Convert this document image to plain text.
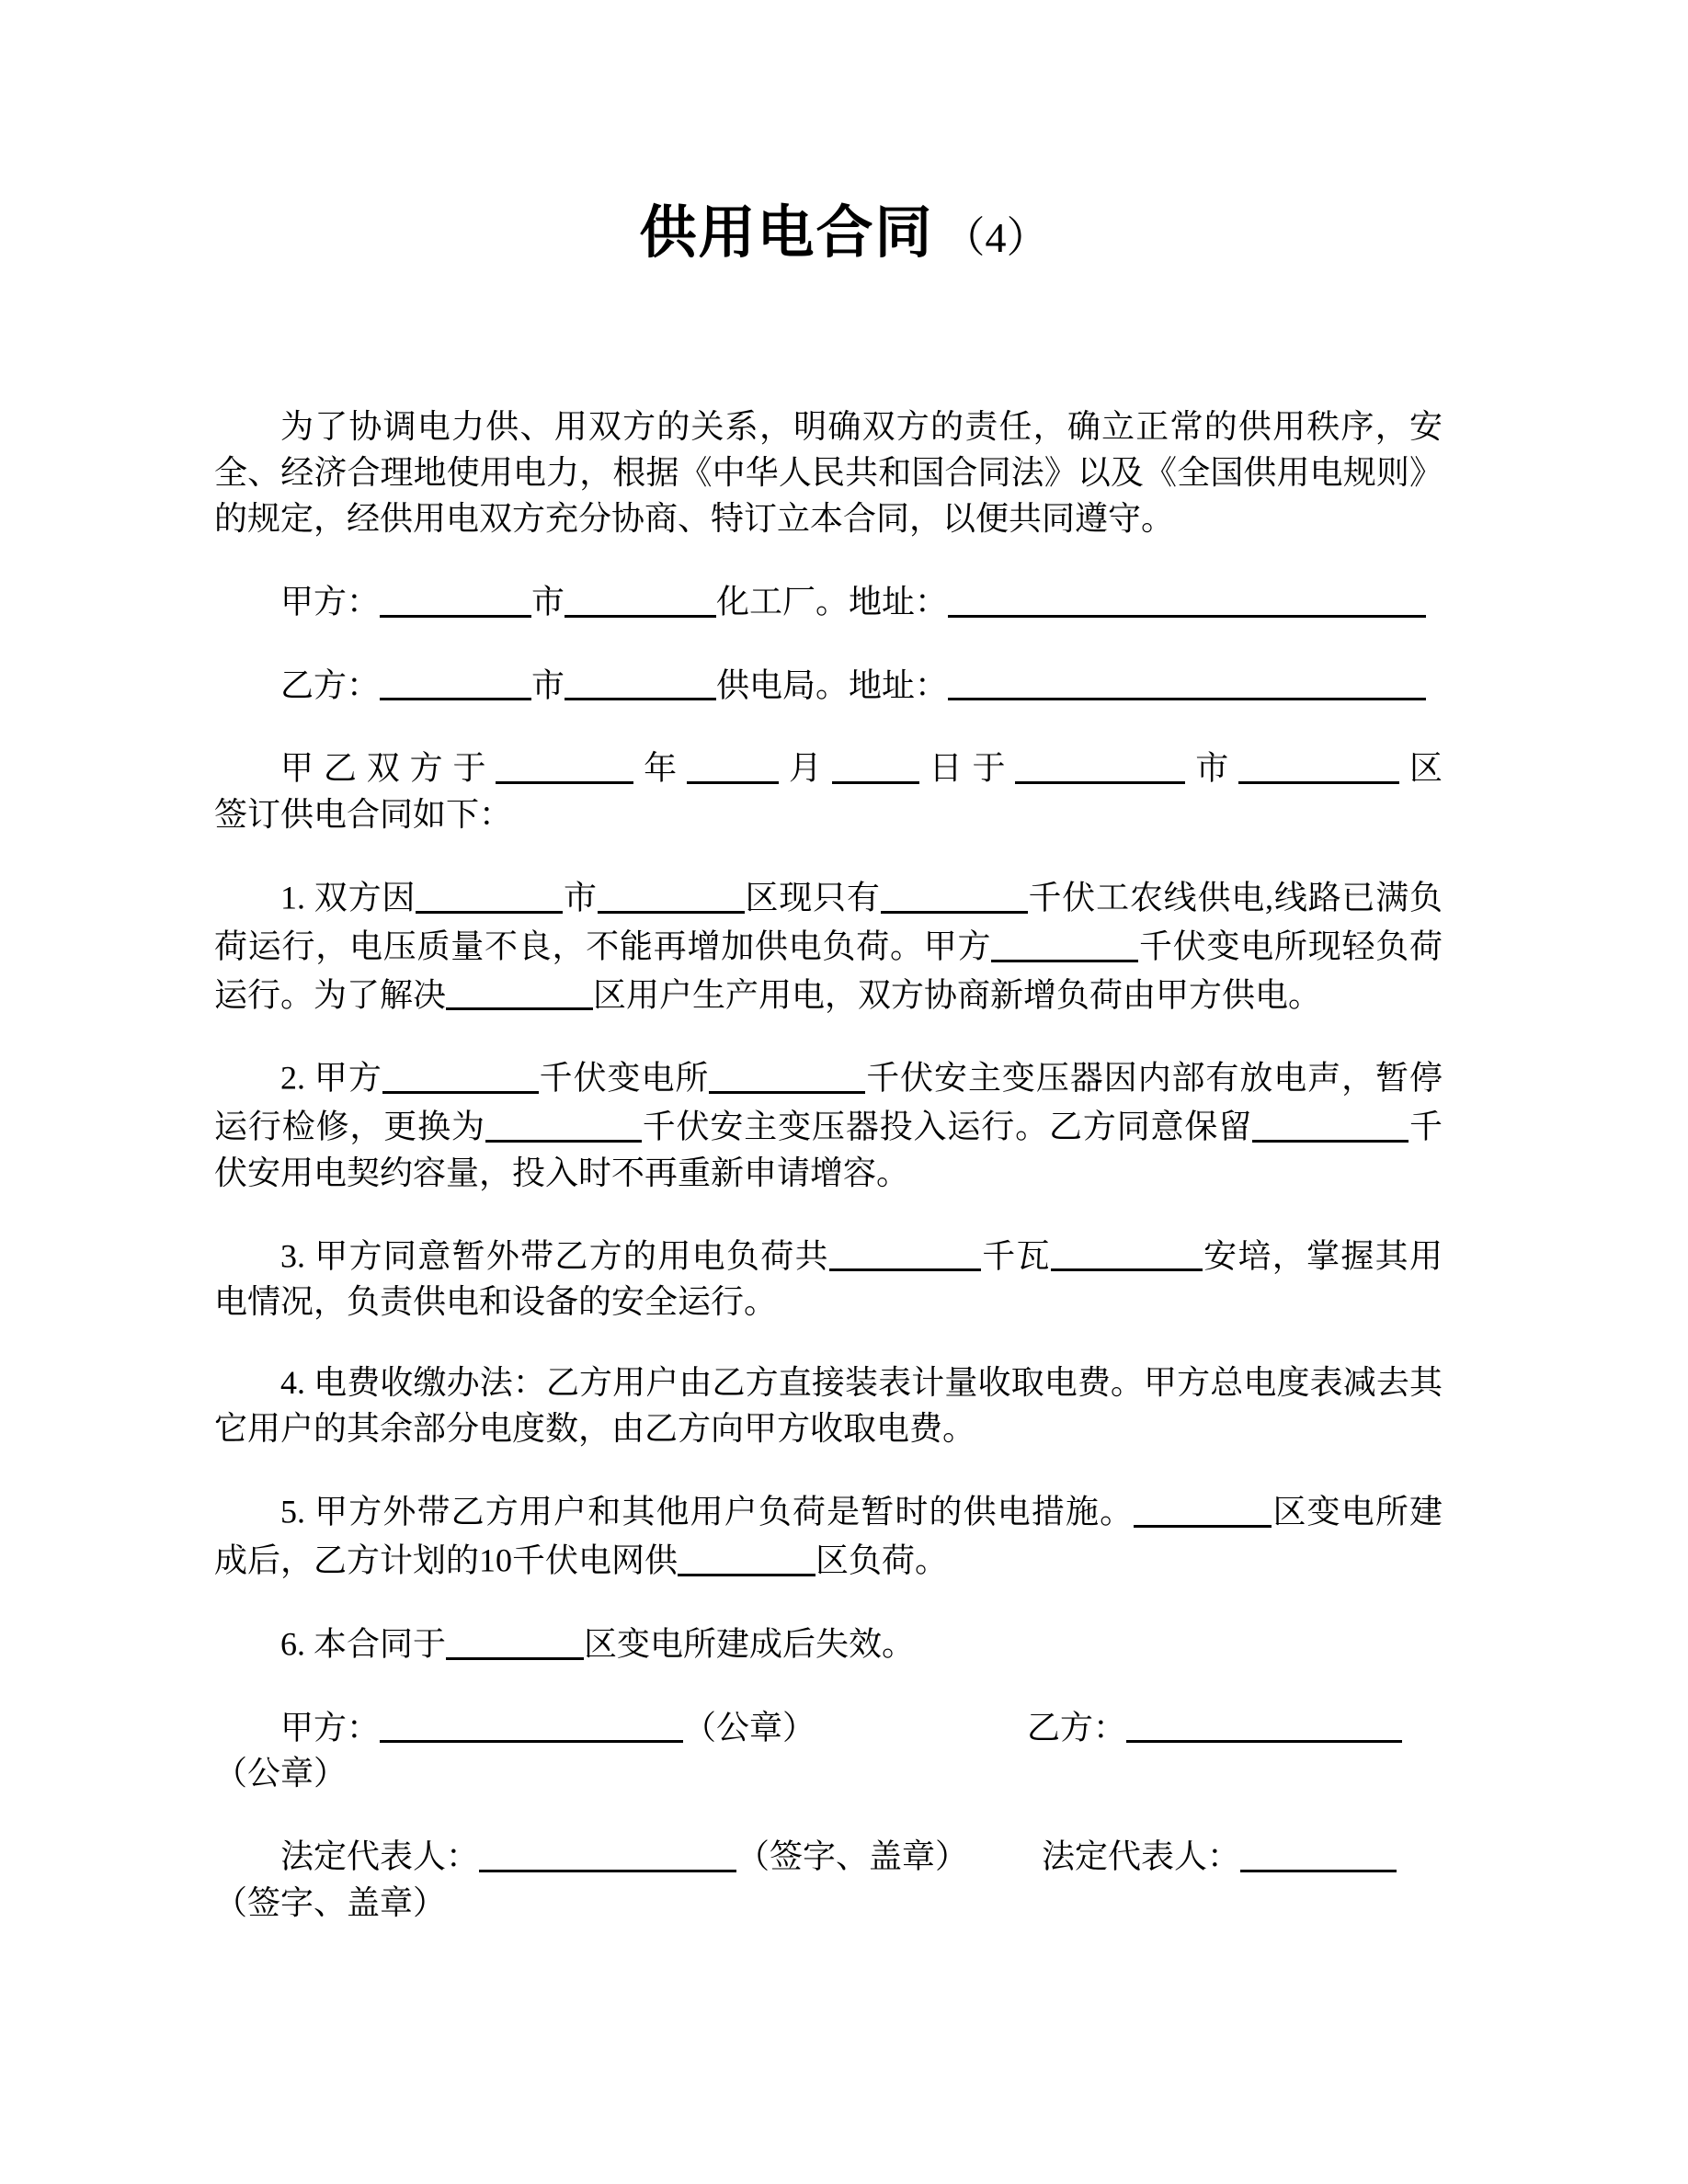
供用电合同 （4）

为了协调电力供、用双方的关系，明确双方的责任，确立正常的供用秩序，安全、经济合理地使用电力，根据《中华人民共和国合同法》以及《全国供用电规则》的规定，经供用电双方充分协商、特订立本合同，以便共同遵守。

甲方：	市	化工厂。地址：

乙方：	市	供电局。地址：

甲乙双方于	年	月	日于	市	区

签订供电合同如下：

1. 双方因	市	区现只有	千伏工农线供电,线路已满负荷运行，电压质量不良，不能再增加供电负荷。甲方	千伏变电所现轻负荷运行。为了解决	区用户生产用电，双方协商新增负荷由甲方供电。

2. 甲方	千伏变电所	千伏安主变压器因内部有放电声，暂停运行检修，更换为	千伏安主变压器投入运行。乙方同意保留	千伏安用电契约容量，投入时不再重新申请增容。

3. 甲方同意暂外带乙方的用电负荷共	千瓦	安培，掌握其用电情况，负责供电和设备的安全运行。

4. 电费收缴办法：乙方用户由乙方直接装表计量收取电费。甲方总电度表减去其它用户的其余部分电度数，由乙方向甲方收取电费。

5. 甲方外带乙方用户和其他用户负荷是暂时的供电措施。	区变电所建成后，乙方计划的10千伏电网供	区负荷。

6. 本合同于	区变电所建成后失效。

甲方：	（公章）	乙方：

（公章）

法定代表人：	（签字、盖章） 法定代表人：

（签字、盖章）
